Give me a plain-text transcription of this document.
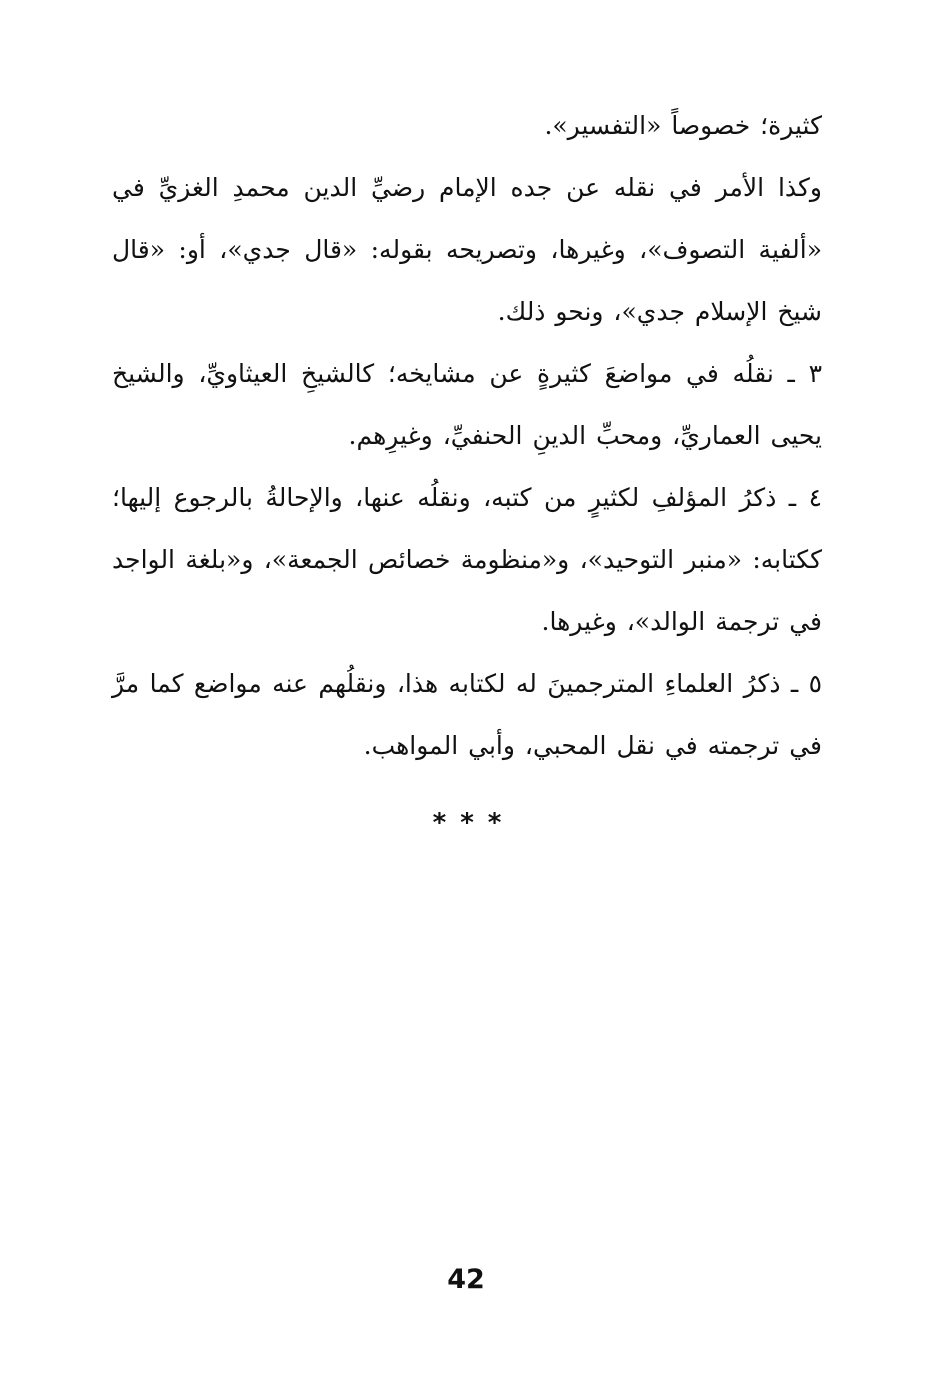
كثيرة؛ خصوصاً «التفسير».

وكذا الأمر في نقله عن جده الإمام رضيِّ الدين محمدِ الغزيِّ في «ألفية التصوف»، وغيرها، وتصريحه بقوله: «قال جدي»، أو: «قال شيخ الإسلام جدي»، ونحو ذلك.

٣ ـ نقلُه في مواضعَ كثيرةٍ عن مشايخه؛ كالشيخِ العيثاويِّ، والشيخ يحيى العماريِّ، ومحبِّ الدينِ الحنفيِّ، وغيرِهم.

٤ ـ ذكرُ المؤلفِ لكثيرٍ من كتبه، ونقلُه عنها، والإحالةُ بالرجوع إليها؛ ككتابه: «منبر التوحيد»، و«منظومة خصائص الجمعة»، و«بلغة الواجد في ترجمة الوالد»، وغيرها.

٥ ـ ذكرُ العلماءِ المترجمينَ له لكتابه هذا، ونقلُهم عنه مواضع كما مرَّ في ترجمته في نقل المحبي، وأبي المواهب.

***
42
